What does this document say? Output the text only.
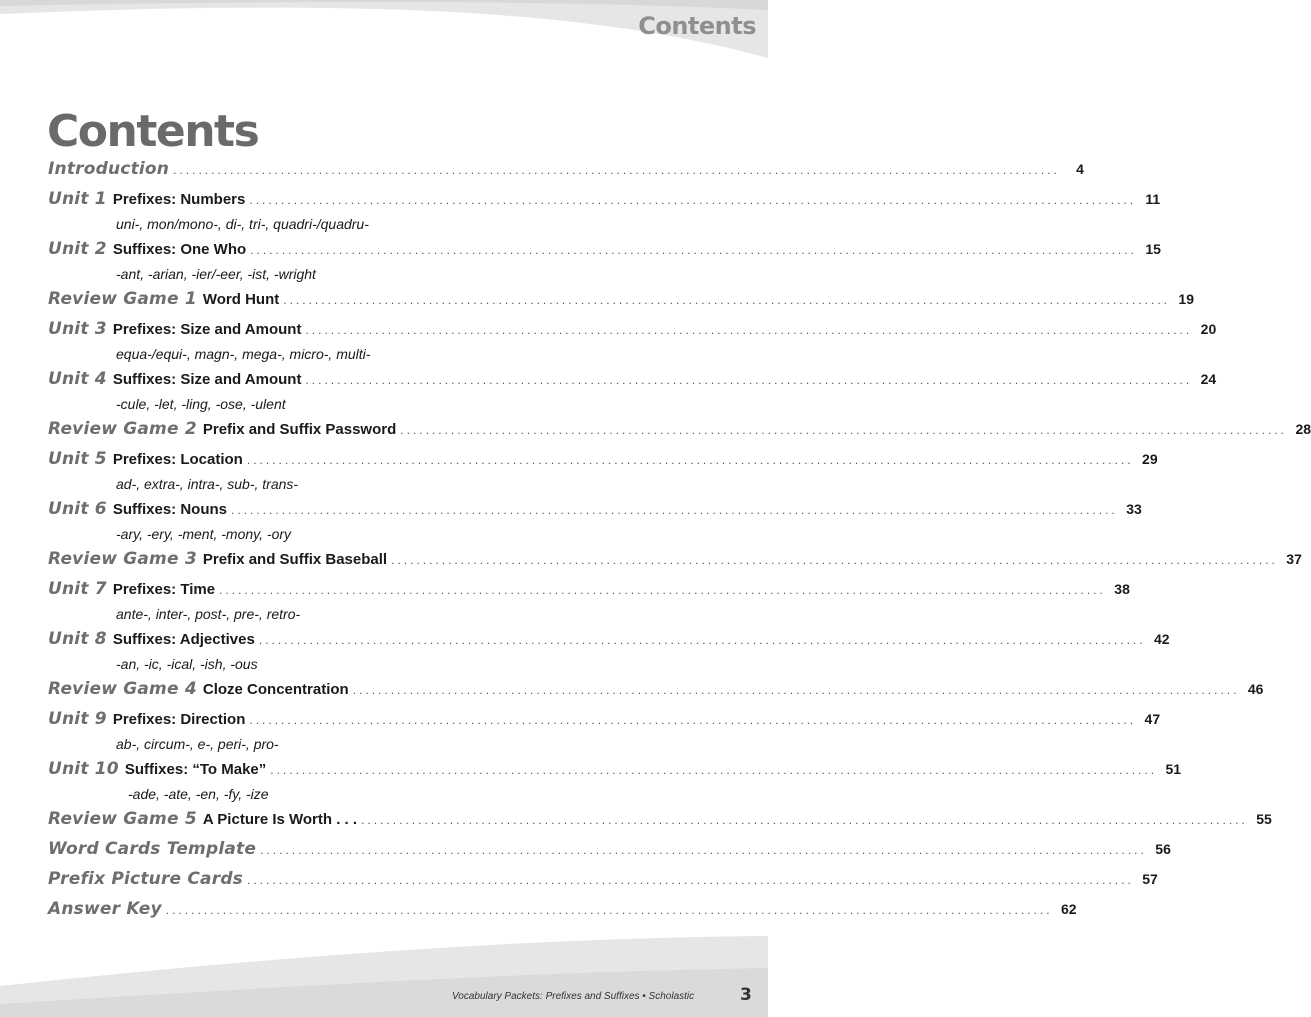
Contents
Contents
Introduction ............................................................................................................................................	4
Unit 1 Prefixes: Numbers ............................................................................................................................................ 11
uni-, mon/mono-, di-, tri-, quadri-/quadru-
Unit 2 Suffixes: One Who ............................................................................................................................................ 15
-ant, -arian, -ier/-eer, -ist, -wright
Review Game 1 Word Hunt ............................................................................................................................................ 19
Unit 3 Prefixes: Size and Amount ............................................................................................................................................ 20
equa-/equi-, magn-, mega-, micro-, multi-
Unit 4 Suffixes: Size and Amount ............................................................................................................................................ 24
-cule, -let, -ling, -ose, -ulent
Review Game 2 Prefix and Suffix Password ............................................................................................................................................ 28
Unit 5 Prefixes: Location ............................................................................................................................................ 29
ad-, extra-, intra-, sub-, trans-
Unit 6 Suffixes: Nouns ............................................................................................................................................ 33
-ary, -ery, -ment, -mony, -ory
Review Game 3 Prefix and Suffix Baseball ............................................................................................................................................ 37
Unit 7 Prefixes: Time ............................................................................................................................................ 38
ante-, inter-, post-, pre-, retro-
Unit 8 Suffixes: Adjectives ............................................................................................................................................ 42
-an, -ic, -ical, -ish, -ous
Review Game 4 Cloze Concentration ............................................................................................................................................ 46
Unit 9 Prefixes: Direction ............................................................................................................................................ 47
ab-, circum-, e-, peri-, pro-
Unit 10 Suffixes: “To Make” ............................................................................................................................................ 51
-ade, -ate, -en, -fy, -ize
Review Game 5 A Picture Is Worth . . . ............................................................................................................................................ 55
Word Cards Template ............................................................................................................................................ 56
Prefix Picture Cards ............................................................................................................................................ 57
Answer Key ............................................................................................................................................ 62
Vocabulary Packets: Prefixes and Suffixes • Scholastic	3
